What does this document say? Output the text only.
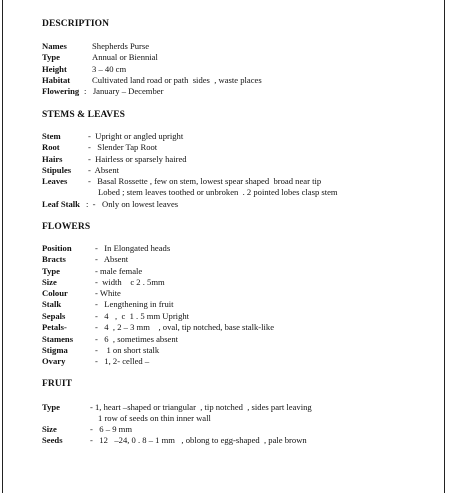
DESCRIPTION
Names	Shepherds Purse
Type	Annual or Biennial
Height	3 – 40 cm
Habitat	Cultivated land road or path  sides  , waste places
Flowering :   January – December
STEMS & LEAVES
Stem	-  Upright or angled upright
Root	-   Slender Tap Root
Hairs	-  Hairless or sparsely haired
Stipules -  Absent
Leaves -   Basal Rossette , few on stem, lowest spear shaped  broad near tip
Lobed ; stem leaves toothed or unbroken  . 2 pointed lobes clasp stem
Leaf Stalk :  -   Only on lowest leaves
FLOWERS
Position	-   In Elongated heads
Bracts	-   Absent
Type	- male female
Size	-  width    c 2 . 5mm
Colour	- White
Stalk	-   Lengthening in fruit
Sepals	-   4   ,  c  1 . 5 mm Upright
Petals-	-   4  , 2 – 3 mm    , oval, tip notched, base stalk-like
Stamens	-   6  , sometimes absent
Stigma	-    1 on short stalk
Ovary	-   1, 2- celled –
FRUIT
Type	- 1, heart –shaped or triangular  , tip notched  , sides part leaving
1 row of seeds on thin inner wall
Size	-   6 – 9 mm
Seeds	-   12   –24, 0 . 8 – 1 mm   , oblong to egg-shaped  , pale brown
